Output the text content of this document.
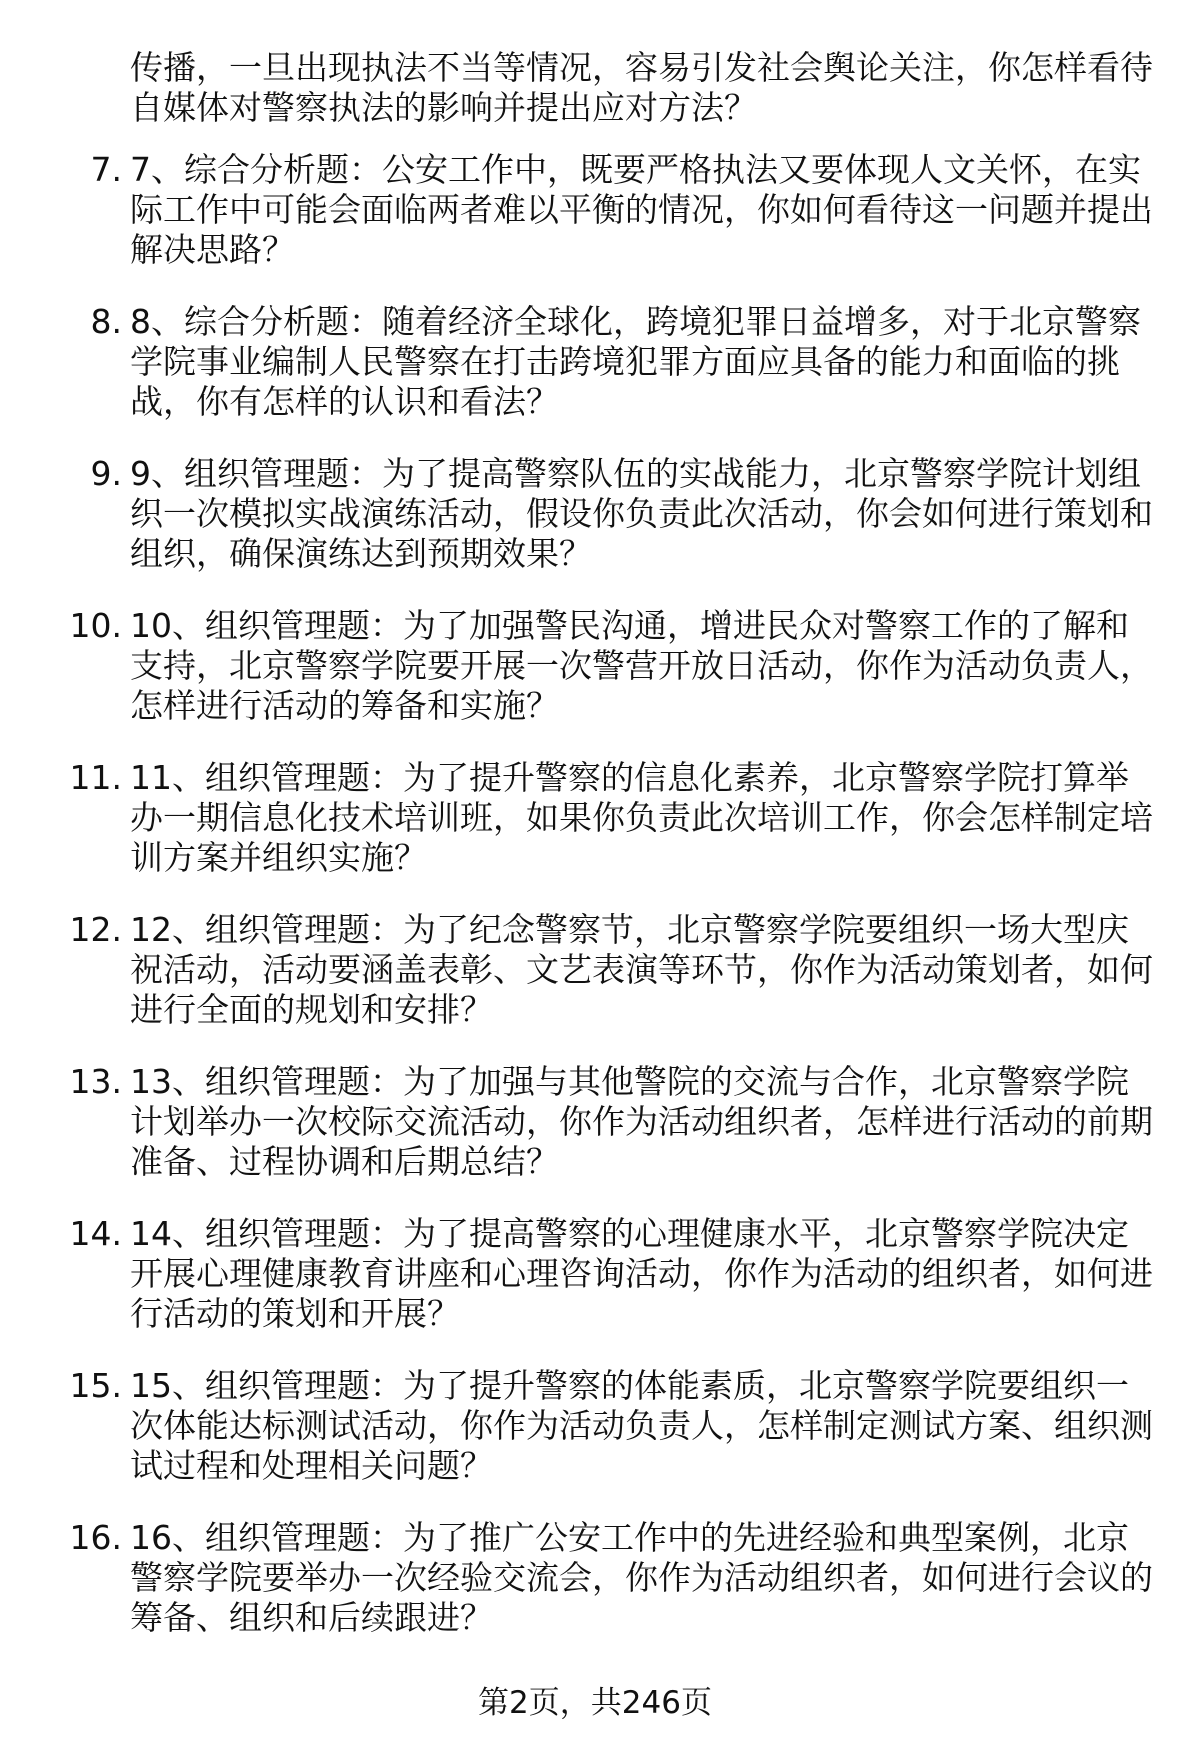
传播，一旦出现执法不当等情况，容易引发社会舆论关注，你怎样看待自媒体对警察执法的影响并提出应对方法？

7. 7、综合分析题：公安工作中，既要严格执法又要体现人文关怀，在实际工作中可能会面临两者难以平衡的情况，你如何看待这一问题并提出解决思路？
8. 8、综合分析题：随着经济全球化，跨境犯罪日益增多，对于北京警察学院事业编制人民警察在打击跨境犯罪方面应具备的能力和面临的挑战，你有怎样的认识和看法？
9. 9、组织管理题：为了提高警察队伍的实战能力，北京警察学院计划组织一次模拟实战演练活动，假设你负责此次活动，你会如何进行策划和组织，确保演练达到预期效果？
10. 10、组织管理题：为了加强警民沟通，增进民众对警察工作的了解和支持，北京警察学院要开展一次警营开放日活动，你作为活动负责人，怎样进行活动的筹备和实施？
11. 11、组织管理题：为了提升警察的信息化素养，北京警察学院打算举办一期信息化技术培训班，如果你负责此次培训工作，你会怎样制定培训方案并组织实施？
12. 12、组织管理题：为了纪念警察节，北京警察学院要组织一场大型庆祝活动，活动要涵盖表彰、文艺表演等环节，你作为活动策划者，如何进行全面的规划和安排？
13. 13、组织管理题：为了加强与其他警院的交流与合作，北京警察学院计划举办一次校际交流活动，你作为活动组织者，怎样进行活动的前期准备、过程协调和后期总结？
14. 14、组织管理题：为了提高警察的心理健康水平，北京警察学院决定开展心理健康教育讲座和心理咨询活动，你作为活动的组织者，如何进行活动的策划和开展？
15. 15、组织管理题：为了提升警察的体能素质，北京警察学院要组织一次体能达标测试活动，你作为活动负责人，怎样制定测试方案、组织测试过程和处理相关问题？
16. 16、组织管理题：为了推广公安工作中的先进经验和典型案例，北京警察学院要举办一次经验交流会，你作为活动组织者，如何进行会议的筹备、组织和后续跟进？
第2页，共246页
